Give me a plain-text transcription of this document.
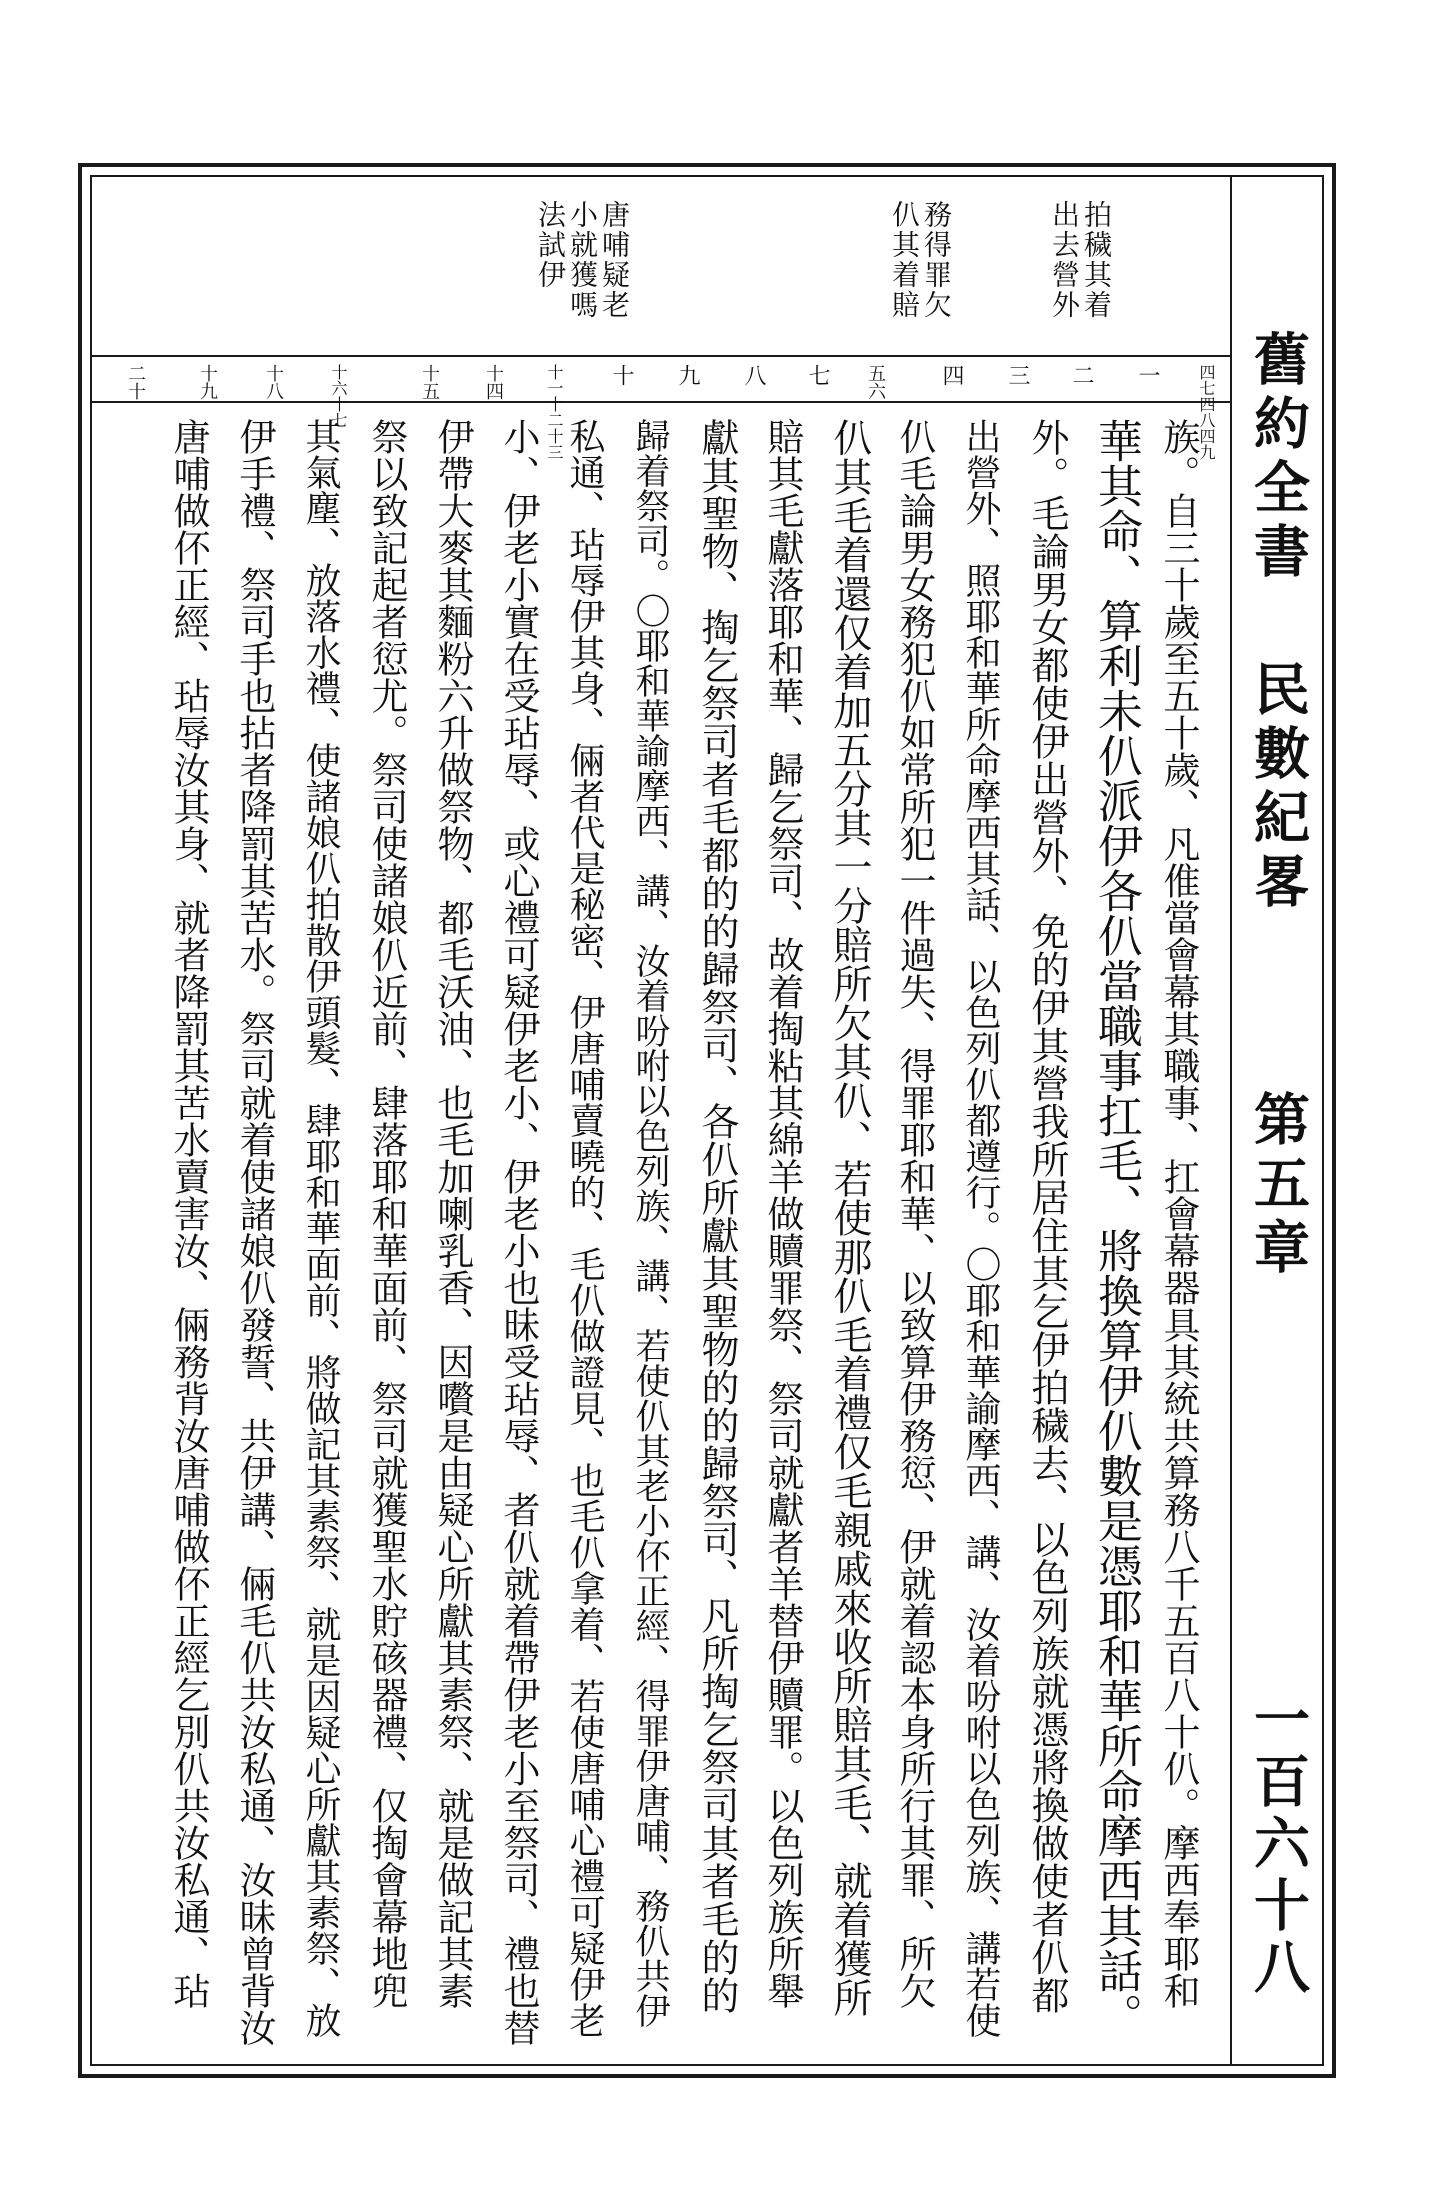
舊約全書 民數紀畧
第五章
一百六十八
拍穢其着
出去營外
務得罪欠
仈其着賠
唐哺疑老
小就獲嗎
法試伊
四七四八四九
一
二
三
四
五六
七
八
九
十
十一十二十三
十四
十五
十六十七
十八
十九
二十
族。自三十歲至五十歲、凡倠當會幕其職事、扛會幕器具其統共算務八千五百八十仈。摩西奉耶和
華其命、算利未仈派伊各仈當職事扛毛、將換算伊仈數是憑耶和華所命摩西其話。
外。毛論男女都使伊出營外、免的伊其營我所居住其乞伊拍穢去、以色列族就憑將換做使者仈都
出營外、照耶和華所命摩西其話、以色列仈都遵行。〇耶和華諭摩西、講、汝着吩咐以色列族、講若使
仈毛論男女務犯仈如常所犯一件過失、得罪耶和華、以致算伊務愆、伊就着認本身所行其罪、所欠
仈其毛着還仅着加五分其一分賠所欠其仈、若使那仈毛着禮仅毛親戚來收所賠其毛、就着獲所
賠其毛獻落耶和華、歸乞祭司、故着掏粘其綿羊做贖罪祭、祭司就獻者羊替伊贖罪。以色列族所舉
獻其聖物、掏乞祭司者毛都的的歸祭司、各仈所獻其聖物的的歸祭司、凡所掏乞祭司其者毛的的
歸着祭司。〇耶和華諭摩西、講、汝着吩咐以色列族、講、若使仈其老小伓正經、得罪伊唐哺、務仈共伊
私通、玷辱伊其身、倆者代是秘密、伊唐哺賣曉的、毛仈做證見、也毛仈拿着、若使唐哺心禮可疑伊老
小、伊老小實在受玷辱、或心禮可疑伊老小、伊老小也昧受玷辱、者仈就着帶伊老小至祭司、禮也替
伊帶大麥其麵粉六升做祭物、都毛沃油、也毛加喇乳香、因嚽是由疑心所獻其素祭、就是做記其素
祭以致記起者愆尤。祭司使諸娘仈近前、肆落耶和華面前、祭司就獲聖水貯硋器禮、仅掏會幕地兜
其氣塵、放落水禮、使諸娘仈拍散伊頭髮、肆耶和華面前、將做記其素祭、就是因疑心所獻其素祭、放
伊手禮、祭司手也拈者降罰其苦水。祭司就着使諸娘仈發誓、共伊講、倆毛仈共汝私通、汝昧曾背汝
唐哺做伓正經、玷辱汝其身、就者降罰其苦水賣害汝、倆務背汝唐哺做伓正經乞別仈共汝私通、玷
